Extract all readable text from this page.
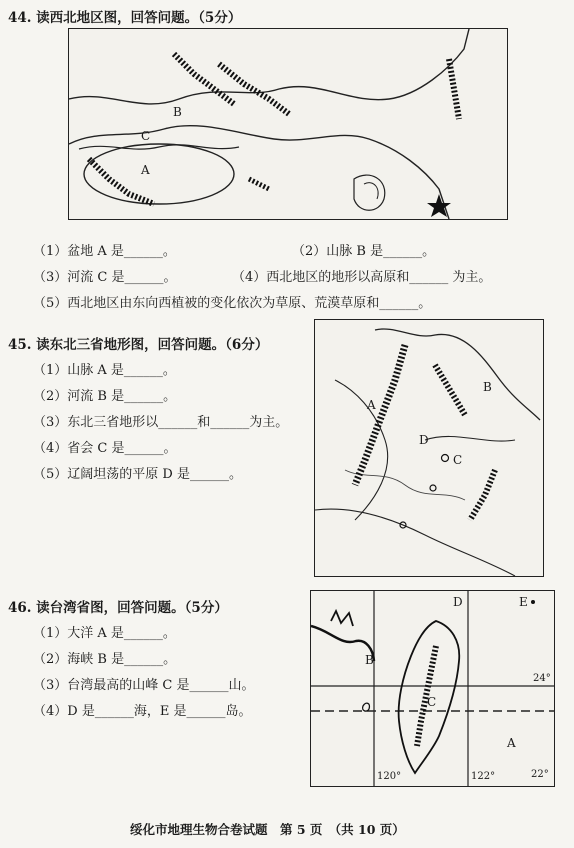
44. 读西北地区图，回答问题。（5分）
B
C
A
（1）盆地 A 是______。	（2）山脉 B 是______。
（3）河流 C 是______。	（4）西北地区的地形以高原和______ 为主。
（5）西北地区由东向西植被的变化依次为草原、荒漠草原和______。
45. 读东北三省地形图，回答问题。（6分）
A
B
C
D
（1）山脉 A 是______。
（2）河流 B 是______。
（3）东北三省地形以______和______为主。
（4）省会 C 是______。
（5）辽阔坦荡的平原 D 是______。
46. 读台湾省图，回答问题。（5分）	D	E
B
C
A
24°
22°
120°	122°
（1）大洋 A 是______。
（2）海峡 B 是______。
（3）台湾最高的山峰 C 是______山。
（4）D 是______海，E 是______岛。
绥化市地理生物合卷试题　第 5 页　（共 10 页）
